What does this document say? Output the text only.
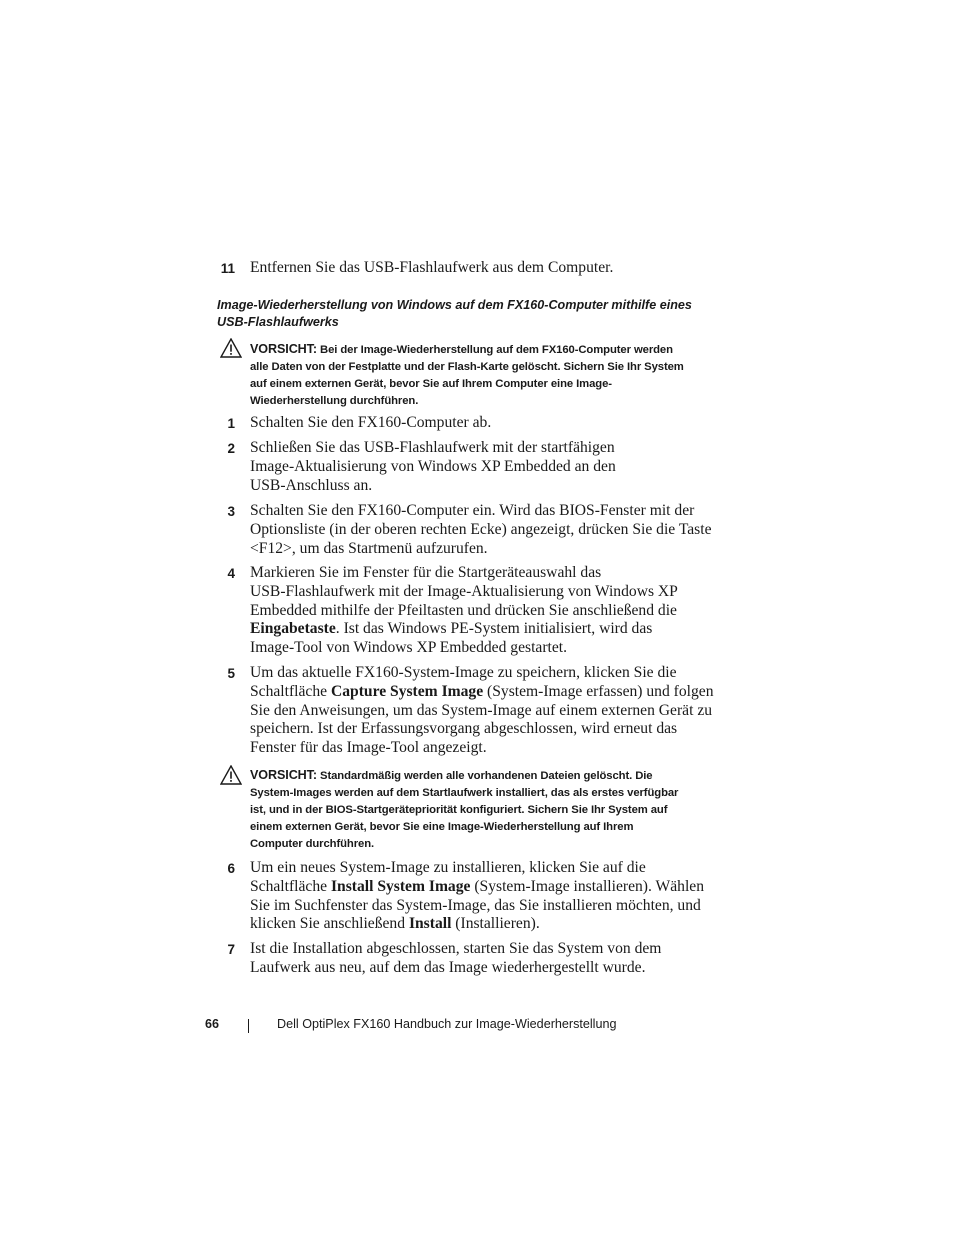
11 Entfernen Sie das USB-Flashlaufwerk aus dem Computer.
Image-Wiederherstellung von Windows auf dem FX160-Computer mithilfe eines
USB-Flashlaufwerks
VORSICHT: Bei der Image-Wiederherstellung auf dem FX160-Computer werden
alle Daten von der Festplatte und der Flash-Karte gelöscht. Sichern Sie Ihr System
auf einem externen Gerät, bevor Sie auf Ihrem Computer eine Image-
Wiederherstellung durchführen.
1 Schalten Sie den FX160-Computer ab.
2 Schließen Sie das USB-Flashlaufwerk mit der startfähigen
Image-Aktualisierung von Windows XP Embedded an den
USB-Anschluss an.
3 Schalten Sie den FX160-Computer ein. Wird das BIOS-Fenster mit der
Optionsliste (in der oberen rechten Ecke) angezeigt, drücken Sie die Taste
<F12>, um das Startmenü aufzurufen.
4 Markieren Sie im Fenster für die Startgeräteauswahl das
USB-Flashlaufwerk mit der Image-Aktualisierung von Windows XP
Embedded mithilfe der Pfeiltasten und drücken Sie anschließend die
Eingabetaste. Ist das Windows PE-System initialisiert, wird das
Image-Tool von Windows XP Embedded gestartet.
5 Um das aktuelle FX160-System-Image zu speichern, klicken Sie die
Schaltfläche Capture System Image (System-Image erfassen) und folgen
Sie den Anweisungen, um das System-Image auf einem externen Gerät zu
speichern. Ist der Erfassungsvorgang abgeschlossen, wird erneut das
Fenster für das Image-Tool angezeigt.
VORSICHT: Standardmäßig werden alle vorhandenen Dateien gelöscht. Die
System-Images werden auf dem Startlaufwerk installiert, das als erstes verfügbar
ist, und in der BIOS-Startgerätepriorität konfiguriert. Sichern Sie Ihr System auf
einem externen Gerät, bevor Sie eine Image-Wiederherstellung auf Ihrem
Computer durchführen.
6 Um ein neues System-Image zu installieren, klicken Sie auf die
Schaltfläche Install System Image (System-Image installieren). Wählen
Sie im Suchfenster das System-Image, das Sie installieren möchten, und
klicken Sie anschließend Install (Installieren).
7 Ist die Installation abgeschlossen, starten Sie das System von dem
Laufwerk aus neu, auf dem das Image wiederhergestellt wurde.
66	Dell OptiPlex FX160 Handbuch zur Image-Wiederherstellung
